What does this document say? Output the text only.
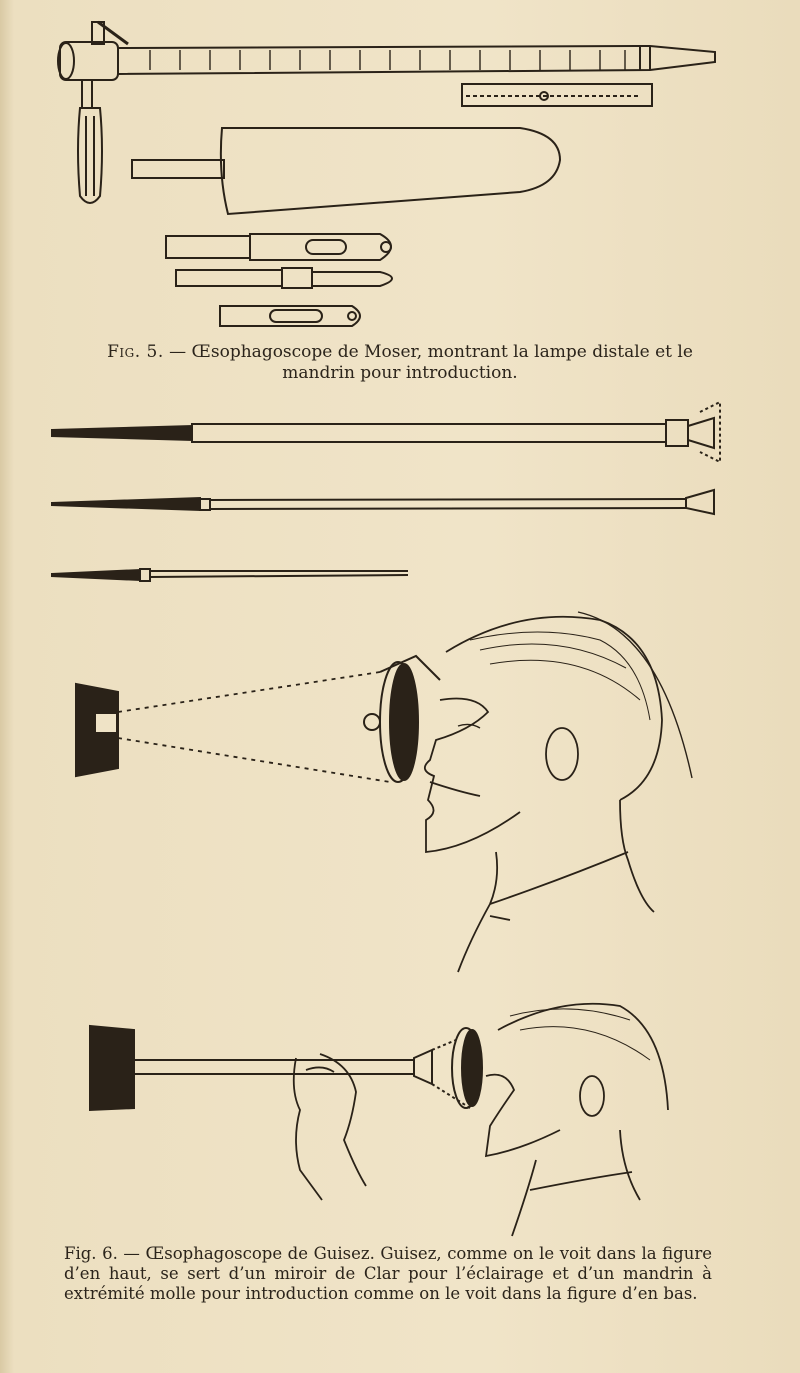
Fig. 5. — Œsophagoscope de Moser, montrant la lampe distale et le mandrin pour introduction.

Fig. 6. — Œsophagoscope de Guisez. Guisez, comme on le voit dans la figure d’en haut, se sert d’un miroir de Clar pour l’éclairage et d’un mandrin à extrémité molle pour introduction comme on le voit dans la figure d’en bas.
